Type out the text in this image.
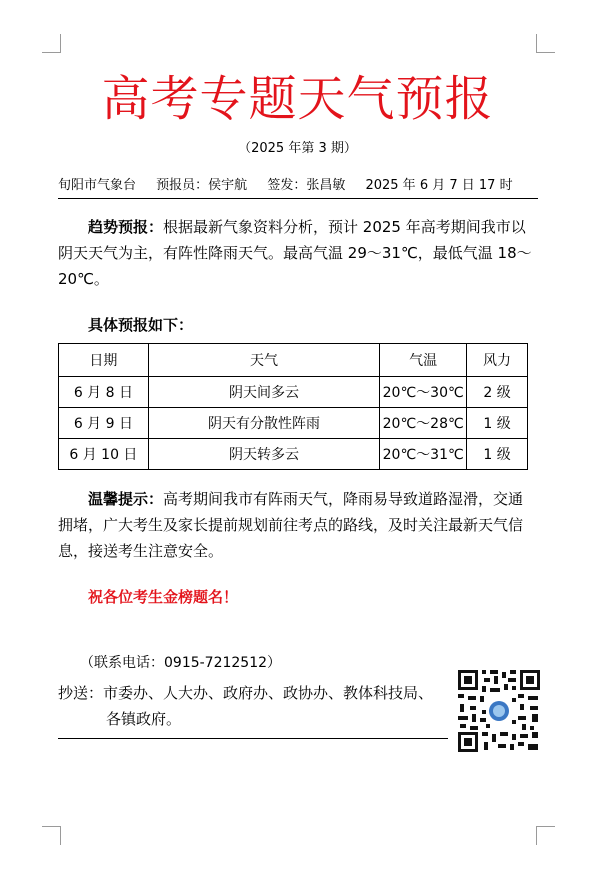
高考专题天气预报
（2025 年第 3 期）
旬阳市气象台 预报员：侯宇航 签发：张昌敏 2025 年 6 月 7 日 17 时
趋势预报：根据最新气象资料分析，预计 2025 年高考期间我市以阴天天气为主，有阵性降雨天气。最高气温 29～31℃，最低气温 18～20℃。
具体预报如下：
日期	天气	气温	风力
6 月 8 日	阴天间多云	20℃～30℃	2 级
6 月 9 日	阴天有分散性阵雨	20℃～28℃	1 级
6 月 10 日	阴天转多云	20℃～31℃	1 级
温馨提示：高考期间我市有阵雨天气，降雨易导致道路湿滑，交通拥堵，广大考生及家长提前规划前往考点的路线，及时关注最新天气信息，接送考生注意安全。
祝各位考生金榜题名！
（联系电话：0915-7212512）
抄送：市委办、人大办、政府办、政协办、教体科技局、
各镇政府。
